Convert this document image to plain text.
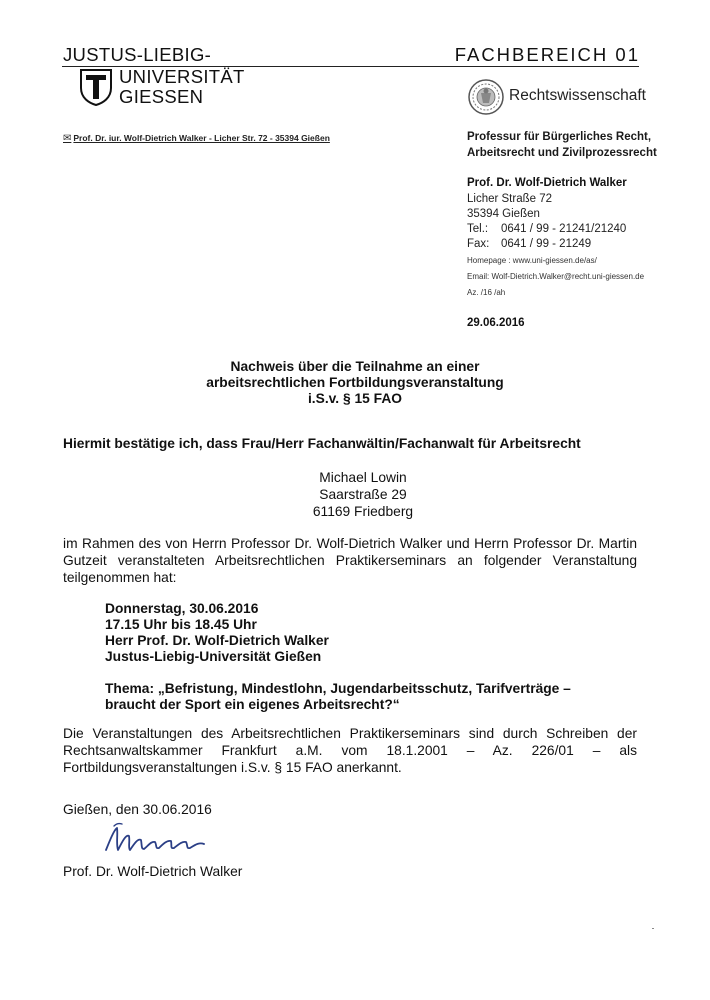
JUSTUS-LIEBIG-	FACHBEREICH 01
UNIVERSITÄT
GIESSEN	Rechtswissenschaft
✉ Prof. Dr. iur. Wolf-Dietrich Walker - Licher Str. 72 - 35394 Gießen	Professur für Bürgerliches Recht,
Arbeitsrecht und Zivilprozessrecht
Prof. Dr. Wolf-Dietrich Walker
Licher Straße 72
35394 Gießen
Tel.: 0641 / 99 - 21241/21240
Fax: 0641 / 99 - 21249
Homepage : www.uni-giessen.de/as/
Email: Wolf-Dietrich.Walker@recht.uni-giessen.de
Az. /16 /ah
29.06.2016
Nachweis über die Teilnahme an einer
arbeitsrechtlichen Fortbildungsveranstaltung
i.S.v. § 15 FAO
Hiermit bestätige ich, dass Frau/Herr Fachanwältin/Fachanwalt für Arbeitsrecht
Michael Lowin
Saarstraße 29
61169 Friedberg
im Rahmen des von Herrn Professor Dr. Wolf-Dietrich Walker und Herrn Professor Dr. Martin Gutzeit veranstalteten Arbeitsrechtlichen Praktikerseminars an folgender Veranstaltung teilgenommen hat:
Donnerstag, 30.06.2016
17.15 Uhr bis 18.45 Uhr
Herr Prof. Dr. Wolf-Dietrich Walker
Justus-Liebig-Universität Gießen
Thema: „Befristung, Mindestlohn, Jugendarbeitsschutz, Tarifverträge –
braucht der Sport ein eigenes Arbeitsrecht?“
Die Veranstaltungen des Arbeitsrechtlichen Praktikerseminars sind durch Schreiben der Rechtsanwaltskammer Frankfurt a.M. vom 18.1.2001 – Az. 226/01 – als Fortbildungsveranstaltungen i.S.v. § 15 FAO anerkannt.
Gießen, den 30.06.2016
Prof. Dr. Wolf-Dietrich Walker
